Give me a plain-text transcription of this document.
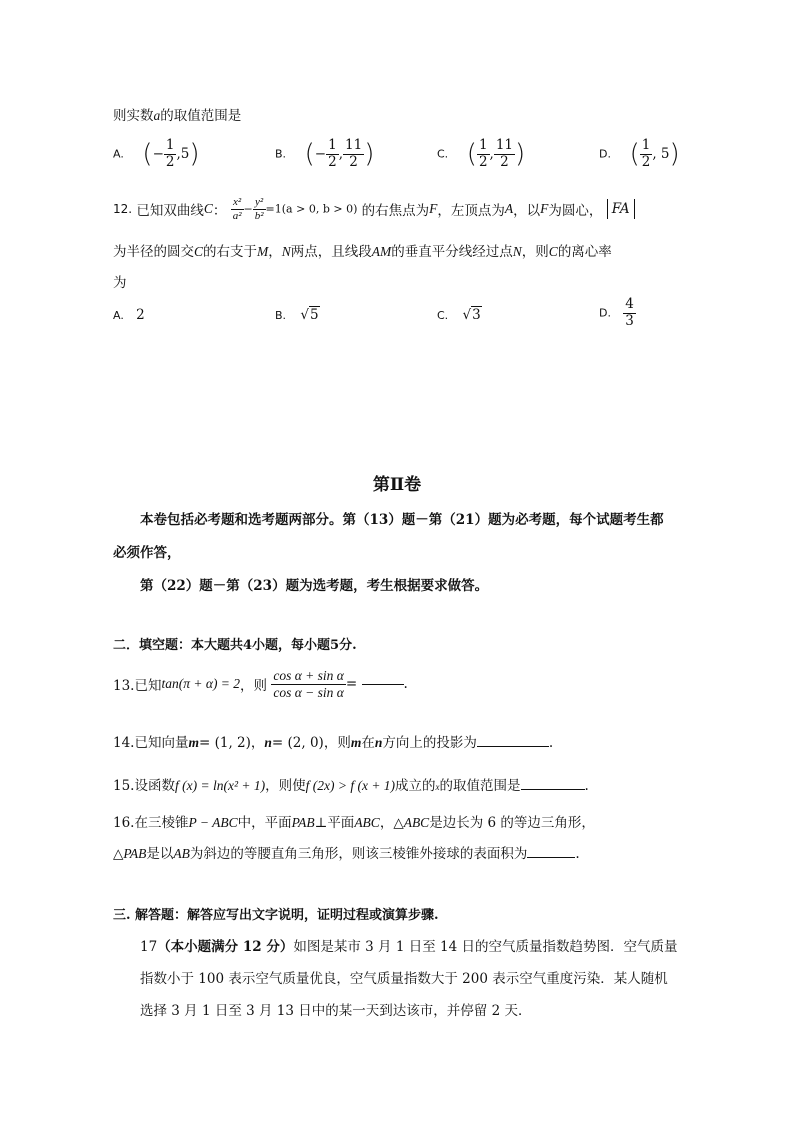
则实数a的取值范围是
A. (− $\frac{1}{2} ,5$)	B. (− $\frac{1}{2}$ , $\frac{11}{2}$ )	C. ( $\frac{1}{2}$ , $\frac{11}{2}$ )	D. ( $\frac{1}{2}$ , 5)
12. 已知双曲线C： $\frac{\text{x²}}{\text{a²}} - \frac{\text{y²}}{\text{b²}} =1(a > 0$, b > 0) 的右焦点为F，左顶点为A，以F为圆心， FA
为半径的圆交C的右支于M，N两点，且线段AM的垂直平分线经过点N，则C的离心率
为
A. 2	B. √5	C. √3	D. $\frac{4}{3}$
第Ⅱ卷
本卷包括必考题和选考题两部分。第（13）题－第（21）题为必考题，每个试题考生都
必须作答，
第（22）题－第（23）题为选考题，考生根据要求做答。
二．填空题：本大题共4小题，每小题5分.
13.已知tan(π + α) = 2，则 $\frac{\text{cos α + sin α}}{\text{cos α − sin α}}$ =	.
14.已知向量m= (1, 2)，n= (2, 0)，则m在n方向上的投影为	.
15.设函数f (x) = ln(x² + 1)，则使f (2x) > f (x + 1)成立的x的取值范围是	.
16.在三棱锥P − ABC中，平面PAB⊥平面ABC，△ABC是边长为 6 的等边三角形，
△PAB是以AB为斜边的等腰直角三角形，则该三棱锥外接球的表面积为	.
三. 解答题：解答应写出文字说明，证明过程或演算步骤.
17（本小题满分 12 分）如图是某市 3 月 1 日至 14 日的空气质量指数趋势图．空气质量
指数小于 100 表示空气质量优良，空气质量指数大于 200 表示空气重度污染．某人随机
选择 3 月 1 日至 3 月 13 日中的某一天到达该市，并停留 2 天．
